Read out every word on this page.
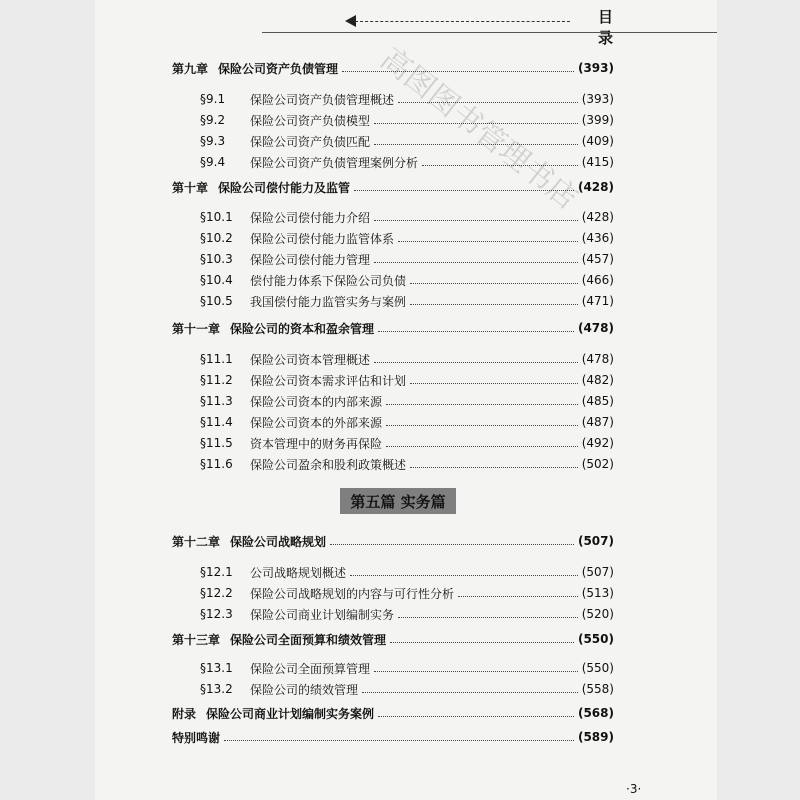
目 录
高图图书管理书店
第九章 保险公司资产负债管理	(393)
§9.1	保险公司资产负债管理概述	(393)
§9.2	保险公司资产负债模型	(399)
§9.3	保险公司资产负债匹配	(409)
§9.4	保险公司资产负债管理案例分析	(415)
第十章 保险公司偿付能力及监管	(428)
§10.1	保险公司偿付能力介绍	(428)
§10.2	保险公司偿付能力监管体系	(436)
§10.3	保险公司偿付能力管理	(457)
§10.4	偿付能力体系下保险公司负债	(466)
§10.5	我国偿付能力监管实务与案例	(471)
第十一章 保险公司的资本和盈余管理	(478)
§11.1	保险公司资本管理概述	(478)
§11.2	保险公司资本需求评估和计划	(482)
§11.3	保险公司资本的内部来源	(485)
§11.4	保险公司资本的外部来源	(487)
§11.5	资本管理中的财务再保险	(492)
§11.6	保险公司盈余和股利政策概述	(502)
第十二章 保险公司战略规划	(507)
§12.1	公司战略规划概述	(507)
§12.2	保险公司战略规划的内容与可行性分析	(513)
§12.3	保险公司商业计划编制实务	(520)
第十三章 保险公司全面预算和绩效管理	(550)
§13.1	保险公司全面预算管理	(550)
§13.2	保险公司的绩效管理	(558)
附录 保险公司商业计划编制实务案例	(568)
特别鸣谢	(589)
第五篇 实务篇
·3·
